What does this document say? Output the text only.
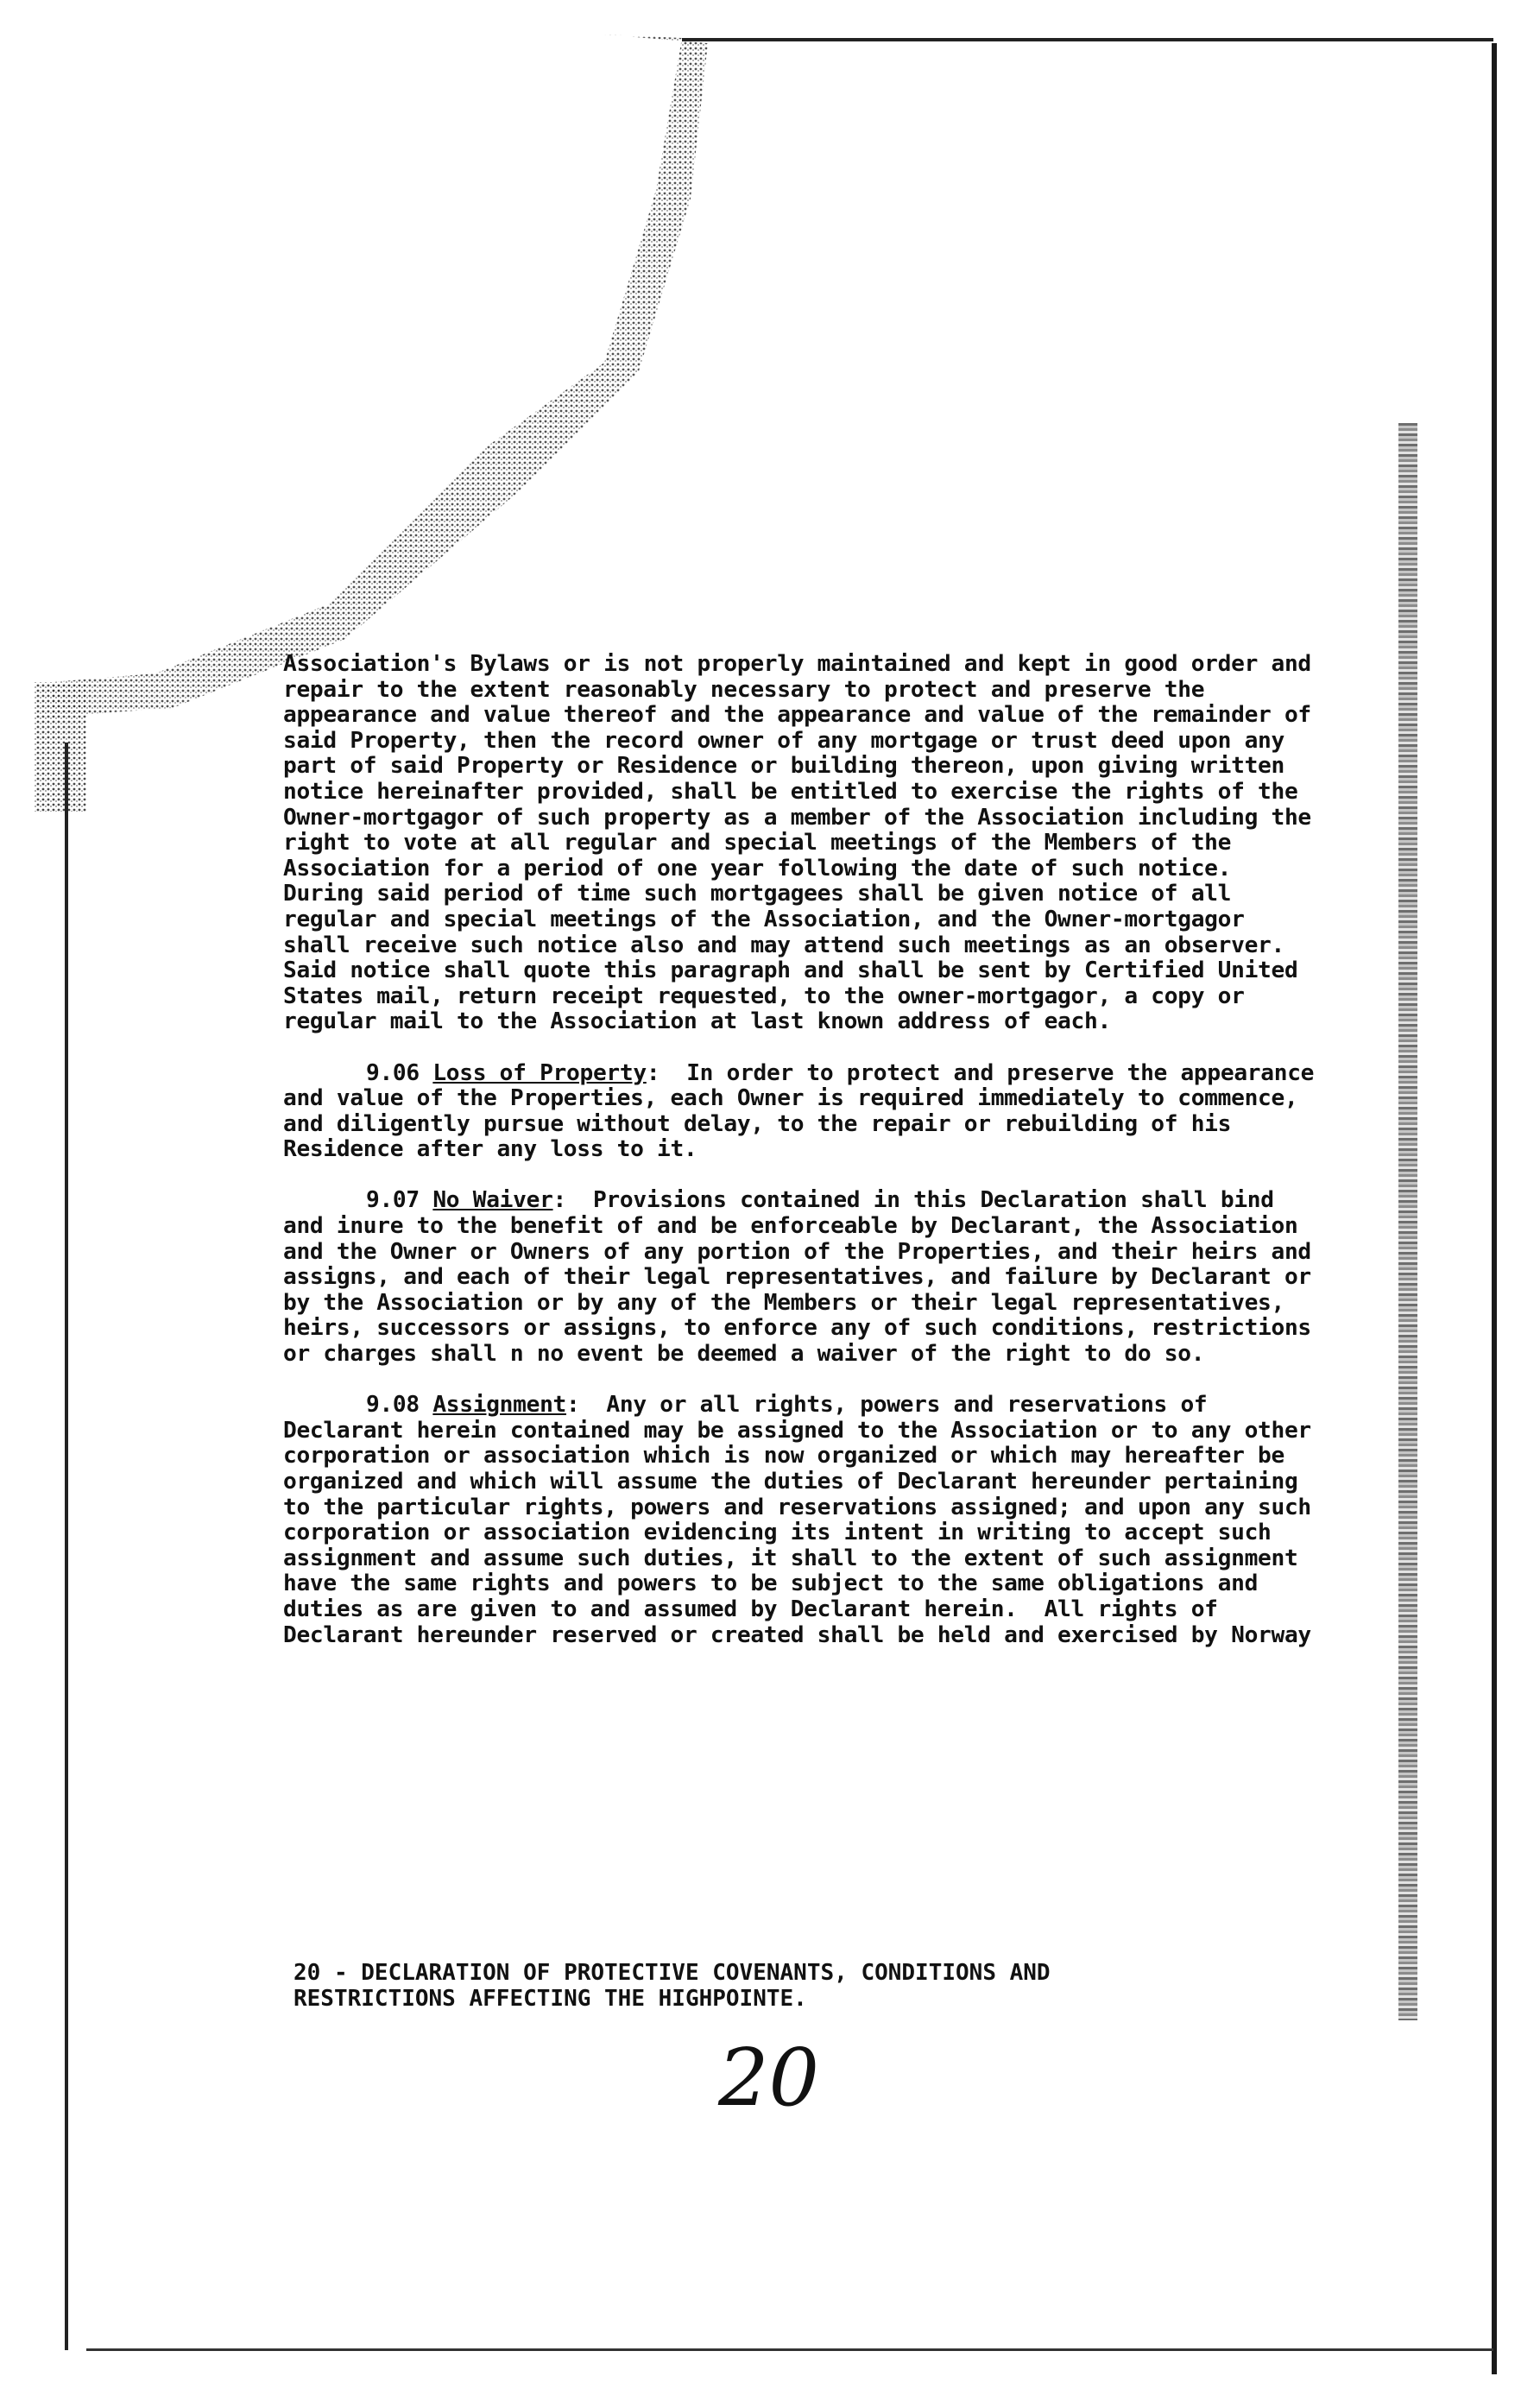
Association's Bylaws or is not properly maintained and kept in good order and repair to the extent reasonably necessary to protect and preserve the appearance and value thereof and the appearance and value of the remainder of said Property, then the record owner of any mortgage or trust deed upon any part of said Property or Residence or building thereon, upon giving written notice hereinafter provided, shall be entitled to exercise the rights of the Owner-mortgagor of such property as a member of the Association including the right to vote at all regular and special meetings of the Members of the Association for a period of one year following the date of such notice.  During said period of time such mortgagees shall be given notice of all regular and special meetings of the Association, and the Owner-mortgagor shall receive such notice also and may attend such meetings as an observer.  Said notice shall quote this paragraph and shall be sent by Certified United States mail, return receipt requested, to the owner-mortgagor, a copy or regular mail to the Association at last known address of each.

9.06 Loss of Property:  In order to protect and preserve the appearance and value of the Properties, each Owner is required immediately to commence, and diligently pursue without delay, to the repair or rebuilding of his Residence after any loss to it.

9.07 No Waiver:  Provisions contained in this Declaration shall bind and inure to the benefit of and be enforceable by Declarant, the Association and the Owner or Owners of any portion of the Properties, and their heirs and assigns, and each of their legal representatives, and failure by Declarant or by the Association or by any of the Members or their legal representatives, heirs, successors or assigns, to enforce any of such conditions, restrictions or charges shall n no event be deemed a waiver of the right to do so.

9.08 Assignment:  Any or all rights, powers and reservations of Declarant herein contained may be assigned to the Association or to any other corporation or association which is now organized or which may hereafter be organized and which will assume the duties of Declarant hereunder pertaining to the particular rights, powers and reservations assigned; and upon any such corporation or association evidencing its intent in writing to accept such assignment and assume such duties, it shall to the extent of such assignment have the same rights and powers to be subject to the same obligations and duties as are given to and assumed by Declarant herein.  All rights of Declarant hereunder reserved or created shall be held and exercised by Norway

20 - DECLARATION OF PROTECTIVE COVENANTS, CONDITIONS AND
RESTRICTIONS AFFECTING THE HIGHPOINTE.
20
